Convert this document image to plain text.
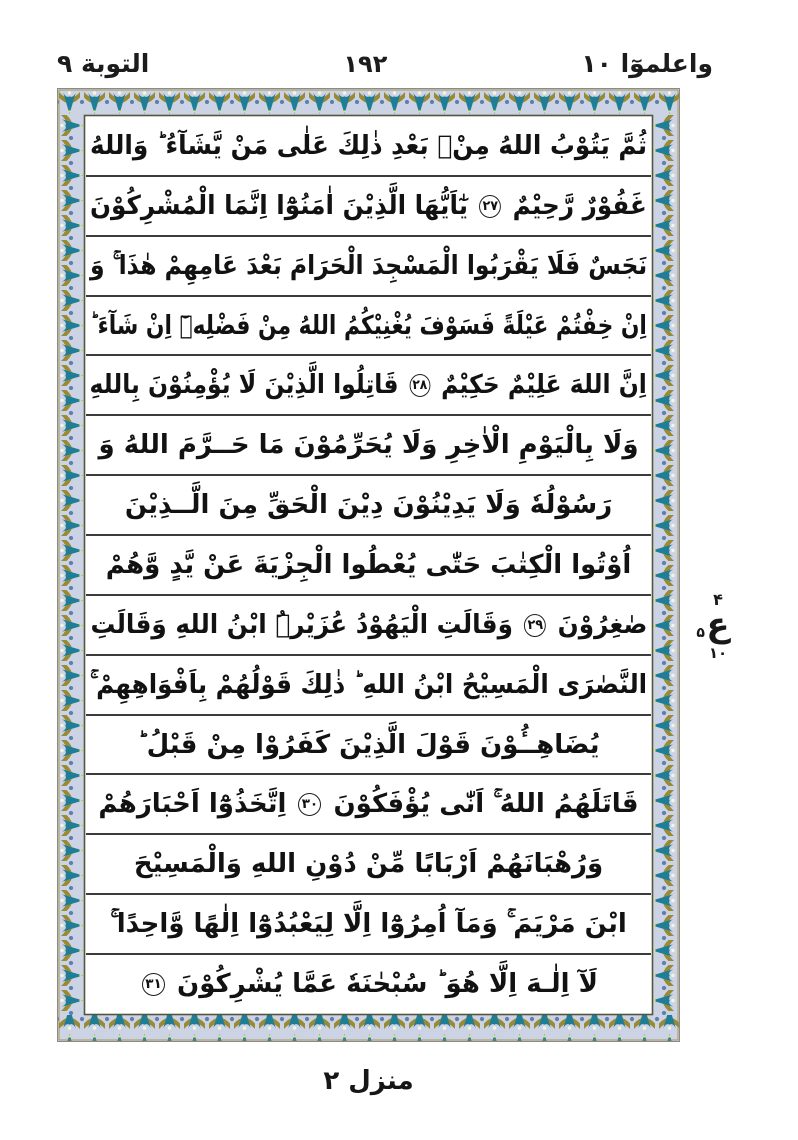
واعلموٓا ١٠
١٩٢
التوبة ٩
ثُمَّ يَتُوْبُ اللهُ مِنْۢ بَعْدِ ذٰلِكَ عَلٰى مَنْ يَّشَآءُ ؕ وَاللهُ
غَفُوْرٌ رَّحِيْمٌ ۲۷ يٰٓاَيُّهَا الَّذِيْنَ اٰمَنُوْٓا اِنَّمَا الْمُشْرِكُوْنَ
نَجَسٌ فَلَا يَقْرَبُوا الْمَسْجِدَ الْحَرَامَ بَعْدَ عَامِهِمْ هٰذَا ۚ وَ
اِنْ خِفْتُمْ عَيْلَةً فَسَوْفَ يُغْنِيْكُمُ اللهُ مِنْ فَضْلِهٖٓ اِنْ شَآءَ ؕ
اِنَّ اللهَ عَلِيْمٌ حَكِيْمٌ ۲۸ قَاتِلُوا الَّذِيْنَ لَا يُؤْمِنُوْنَ بِاللهِ
وَلَا بِالْيَوْمِ الْاٰخِرِ وَلَا يُحَرِّمُوْنَ مَا حَــرَّمَ اللهُ وَ
رَسُوْلُهٗ وَلَا يَدِيْنُوْنَ دِيْنَ الْحَقِّ مِنَ الَّــذِيْنَ
اُوْتُوا الْكِتٰبَ حَتّٰى يُعْطُوا الْجِزْيَةَ عَنْ يَّدٍ وَّهُمْ
صٰغِرُوْنَ ۲۹ وَقَالَتِ الْيَهُوْدُ عُزَيْرُۨ ابْنُ اللهِ وَقَالَتِ
النَّصٰرَى الْمَسِيْحُ ابْنُ اللهِ ؕ ذٰلِكَ قَوْلُهُمْ بِاَفْوَاهِهِمْ ۚ
يُضَاهِــُٔوْنَ قَوْلَ الَّذِيْنَ كَفَرُوْا مِنْ قَبْلُ ؕ
قَاتَلَهُمُ اللهُ ۚ اَنّٰى يُؤْفَكُوْنَ ۳۰ اِتَّخَذُوْٓا اَحْبَارَهُمْ
وَرُهْبَانَهُمْ اَرْبَابًا مِّنْ دُوْنِ اللهِ وَالْمَسِيْحَ
ابْنَ مَرْيَمَ ۚ وَمَآ اُمِرُوْٓا اِلَّا لِيَعْبُدُوْٓا اِلٰهًا وَّاحِدًا ۚ
لَآ اِلٰـهَ اِلَّا هُوَ ؕ سُبْحٰنَهٗ عَمَّا يُشْرِكُوْنَ ۳۱
۴
ع
۵
١٠
منزل ٢
